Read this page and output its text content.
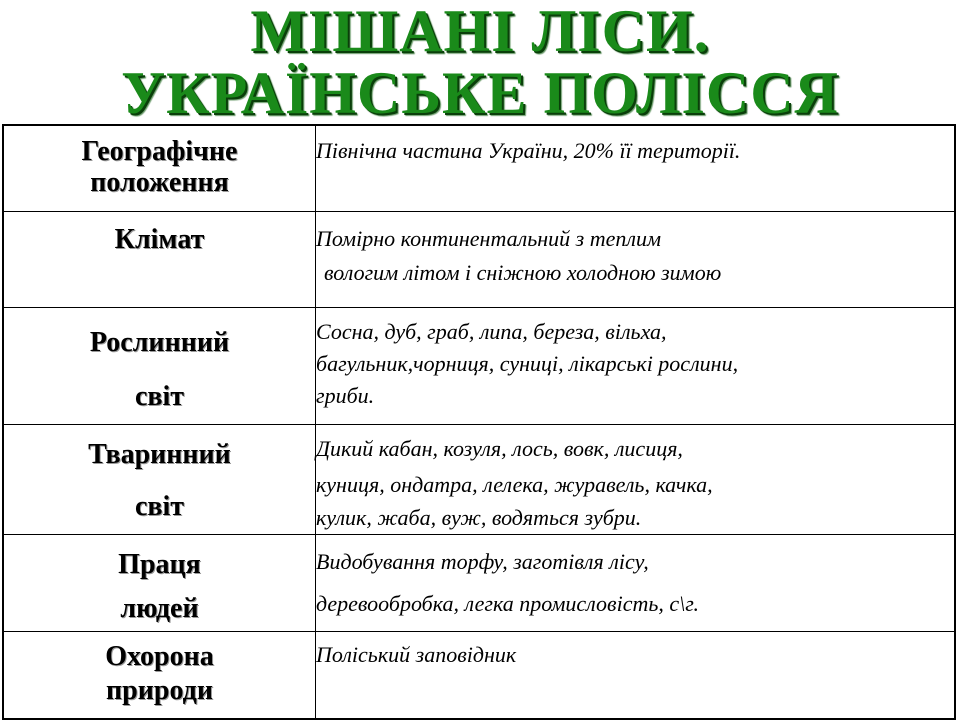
МІШАНІ ЛІСИ.
УКРАЇНСЬКЕ ПОЛІССЯ
Географічне
положення	Північна частина України, 20% її території.

Клімат	Помірно континентальний з теплим
вологим літом і сніжною холодною зимою

Рослинний
світ	Сосна, дуб, граб, липа, береза, вільха,
багульник,чорниця, суниці, лікарські рослини,
гриби.

Тваринний
світ	Дикий кабан, козуля, лось, вовк, лисиця,
куниця, ондатра, лелека, журавель, качка,
кулик, жаба, вуж, водяться зубри.

Праця
людей	Видобування торфу, заготівля лісу,
деревообробка, легка промисловість, с\г.

Охорона
природи	Поліський заповідник
